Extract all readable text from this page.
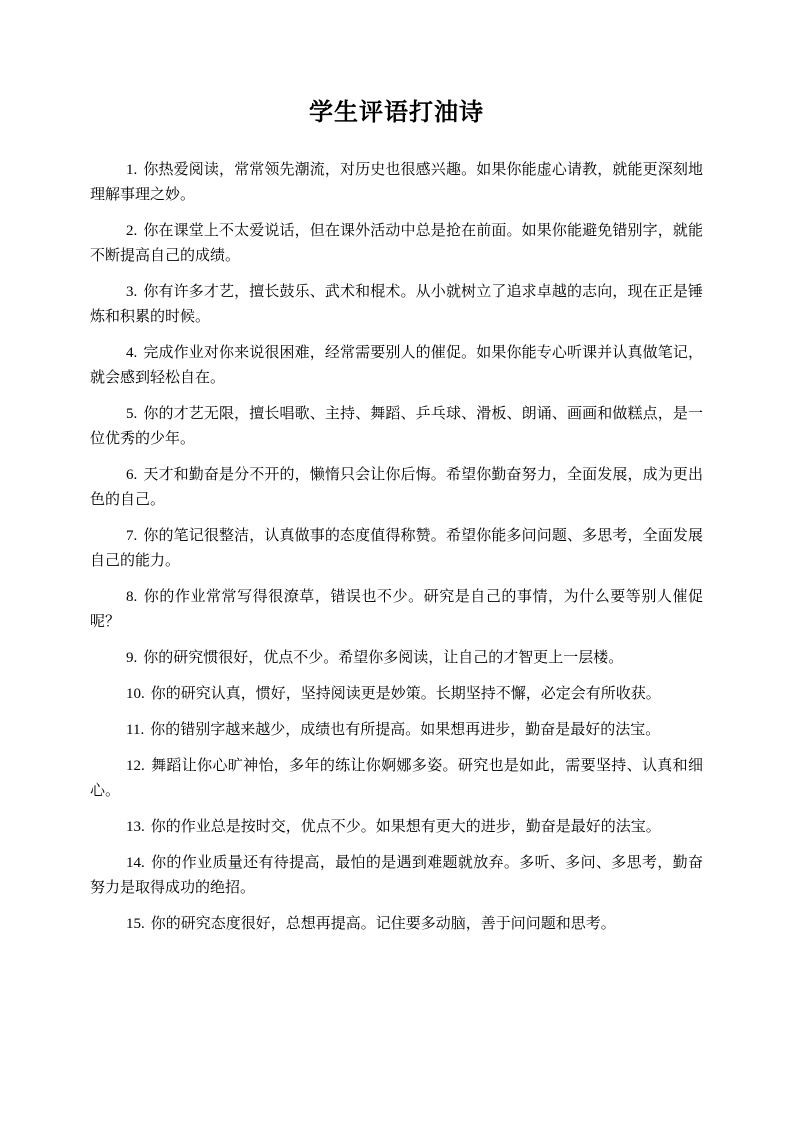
学生评语打油诗

1. 你热爱阅读，常常领先潮流，对历史也很感兴趣。如果你能虚心请教，就能更深刻地理解事理之妙。

2. 你在课堂上不太爱说话，但在课外活动中总是抢在前面。如果你能避免错别字，就能不断提高自己的成绩。

3. 你有许多才艺，擅长鼓乐、武术和棍术。从小就树立了追求卓越的志向，现在正是锤炼和积累的时候。

4. 完成作业对你来说很困难，经常需要别人的催促。如果你能专心听课并认真做笔记，就会感到轻松自在。

5. 你的才艺无限，擅长唱歌、主持、舞蹈、乒乓球、滑板、朗诵、画画和做糕点，是一位优秀的少年。

6. 天才和勤奋是分不开的，懒惰只会让你后悔。希望你勤奋努力，全面发展，成为更出色的自己。

7. 你的笔记很整洁，认真做事的态度值得称赞。希望你能多问问题、多思考，全面发展自己的能力。

8. 你的作业常常写得很潦草，错误也不少。研究是自己的事情，为什么要等别人催促呢？

9. 你的研究惯很好，优点不少。希望你多阅读，让自己的才智更上一层楼。

10. 你的研究认真，惯好，坚持阅读更是妙策。长期坚持不懈，必定会有所收获。

11. 你的错别字越来越少，成绩也有所提高。如果想再进步，勤奋是最好的法宝。

12. 舞蹈让你心旷神怡，多年的练让你婀娜多姿。研究也是如此，需要坚持、认真和细心。

13. 你的作业总是按时交，优点不少。如果想有更大的进步，勤奋是最好的法宝。

14. 你的作业质量还有待提高，最怕的是遇到难题就放弃。多听、多问、多思考，勤奋努力是取得成功的绝招。

15. 你的研究态度很好，总想再提高。记住要多动脑，善于问问题和思考。
